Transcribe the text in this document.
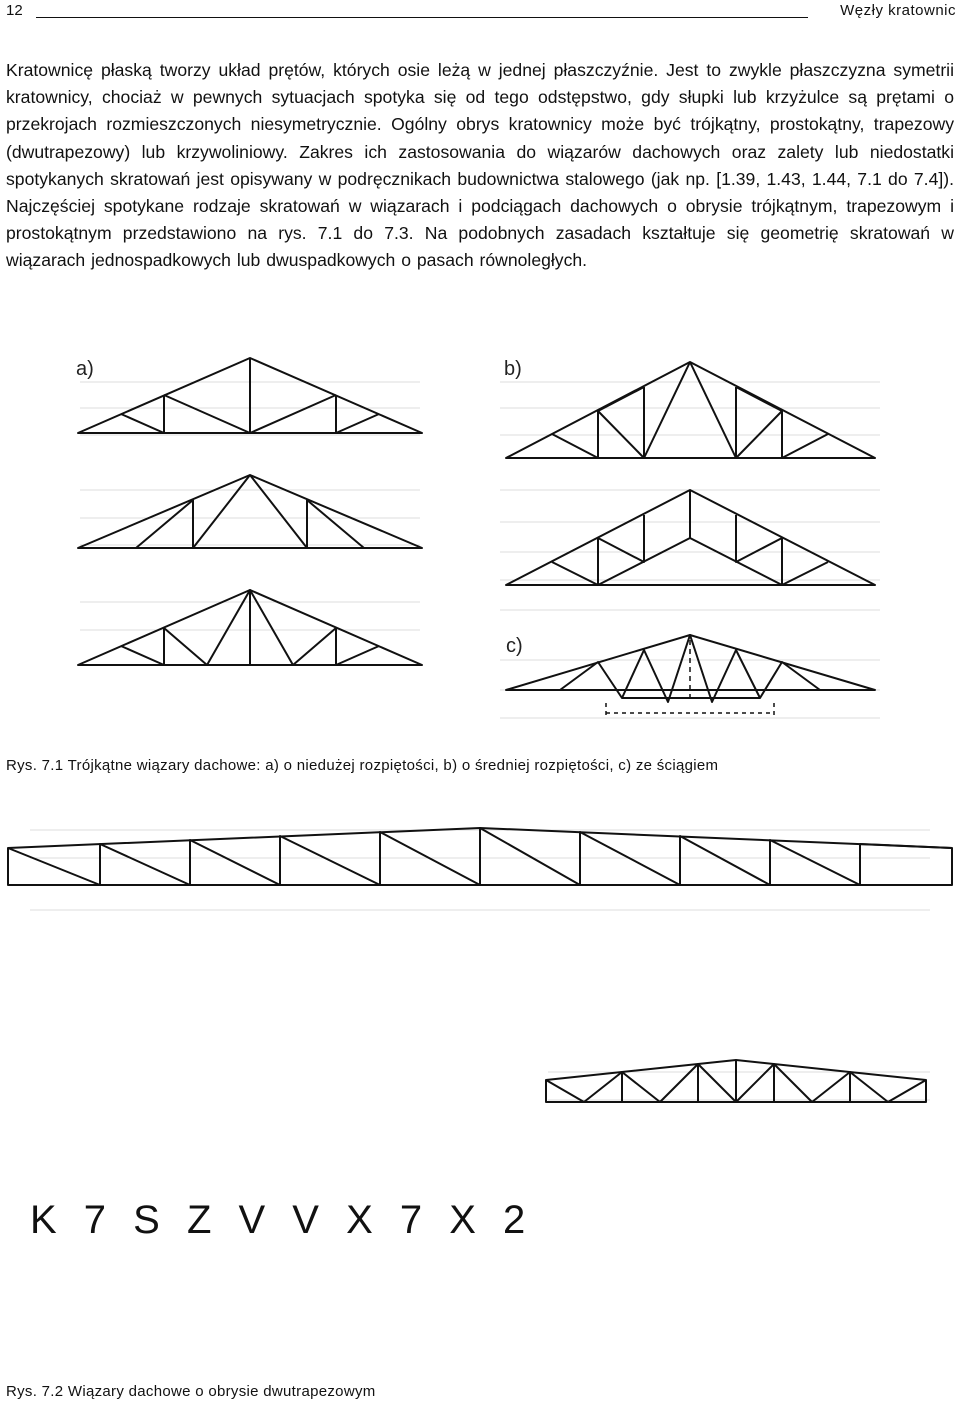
12	Węzły kratownic

Kratownicę płaską tworzy układ prętów, których osie leżą w jednej płaszczyźnie. Jest to zwykle płaszczyzna symetrii kratownicy, chociaż w pewnych sytuacjach spotyka się od tego odstępstwo, gdy słupki lub krzyżulce są prętami o przekrojach rozmieszczonych niesymetrycznie. Ogólny obrys kratownicy może być trójkątny, prostokątny, trapezowy (dwutrapezowy) lub krzywoliniowy. Zakres ich zastosowania do wiązarów dachowych oraz zalety lub niedostatki spotykanych skratowań jest opisywany w podręcznikach budownictwa stalowego (jak np. [1.39, 1.43, 1.44, 7.1 do 7.4]). Najczęściej spotykane rodzaje skratowań w wiązarach i podciągach dachowych o obrysie trójkątnym, trapezowym i prostokątnym przedstawiono na rys. 7.1 do 7.3. Na podobnych zasadach kształtuje się geometrię skratowań w wiązarach jednospadkowych lub dwuspadkowych o pasach równoległych.

a)	b)
c)
Rys. 7.1 Trójkątne wiązary dachowe: a) o niedużej rozpiętości, b) o średniej rozpiętości, c) ze ściągiem
K 7 S Z V V X 7 X 2
Rys. 7.2 Wiązary dachowe o obrysie dwutrapezowym
